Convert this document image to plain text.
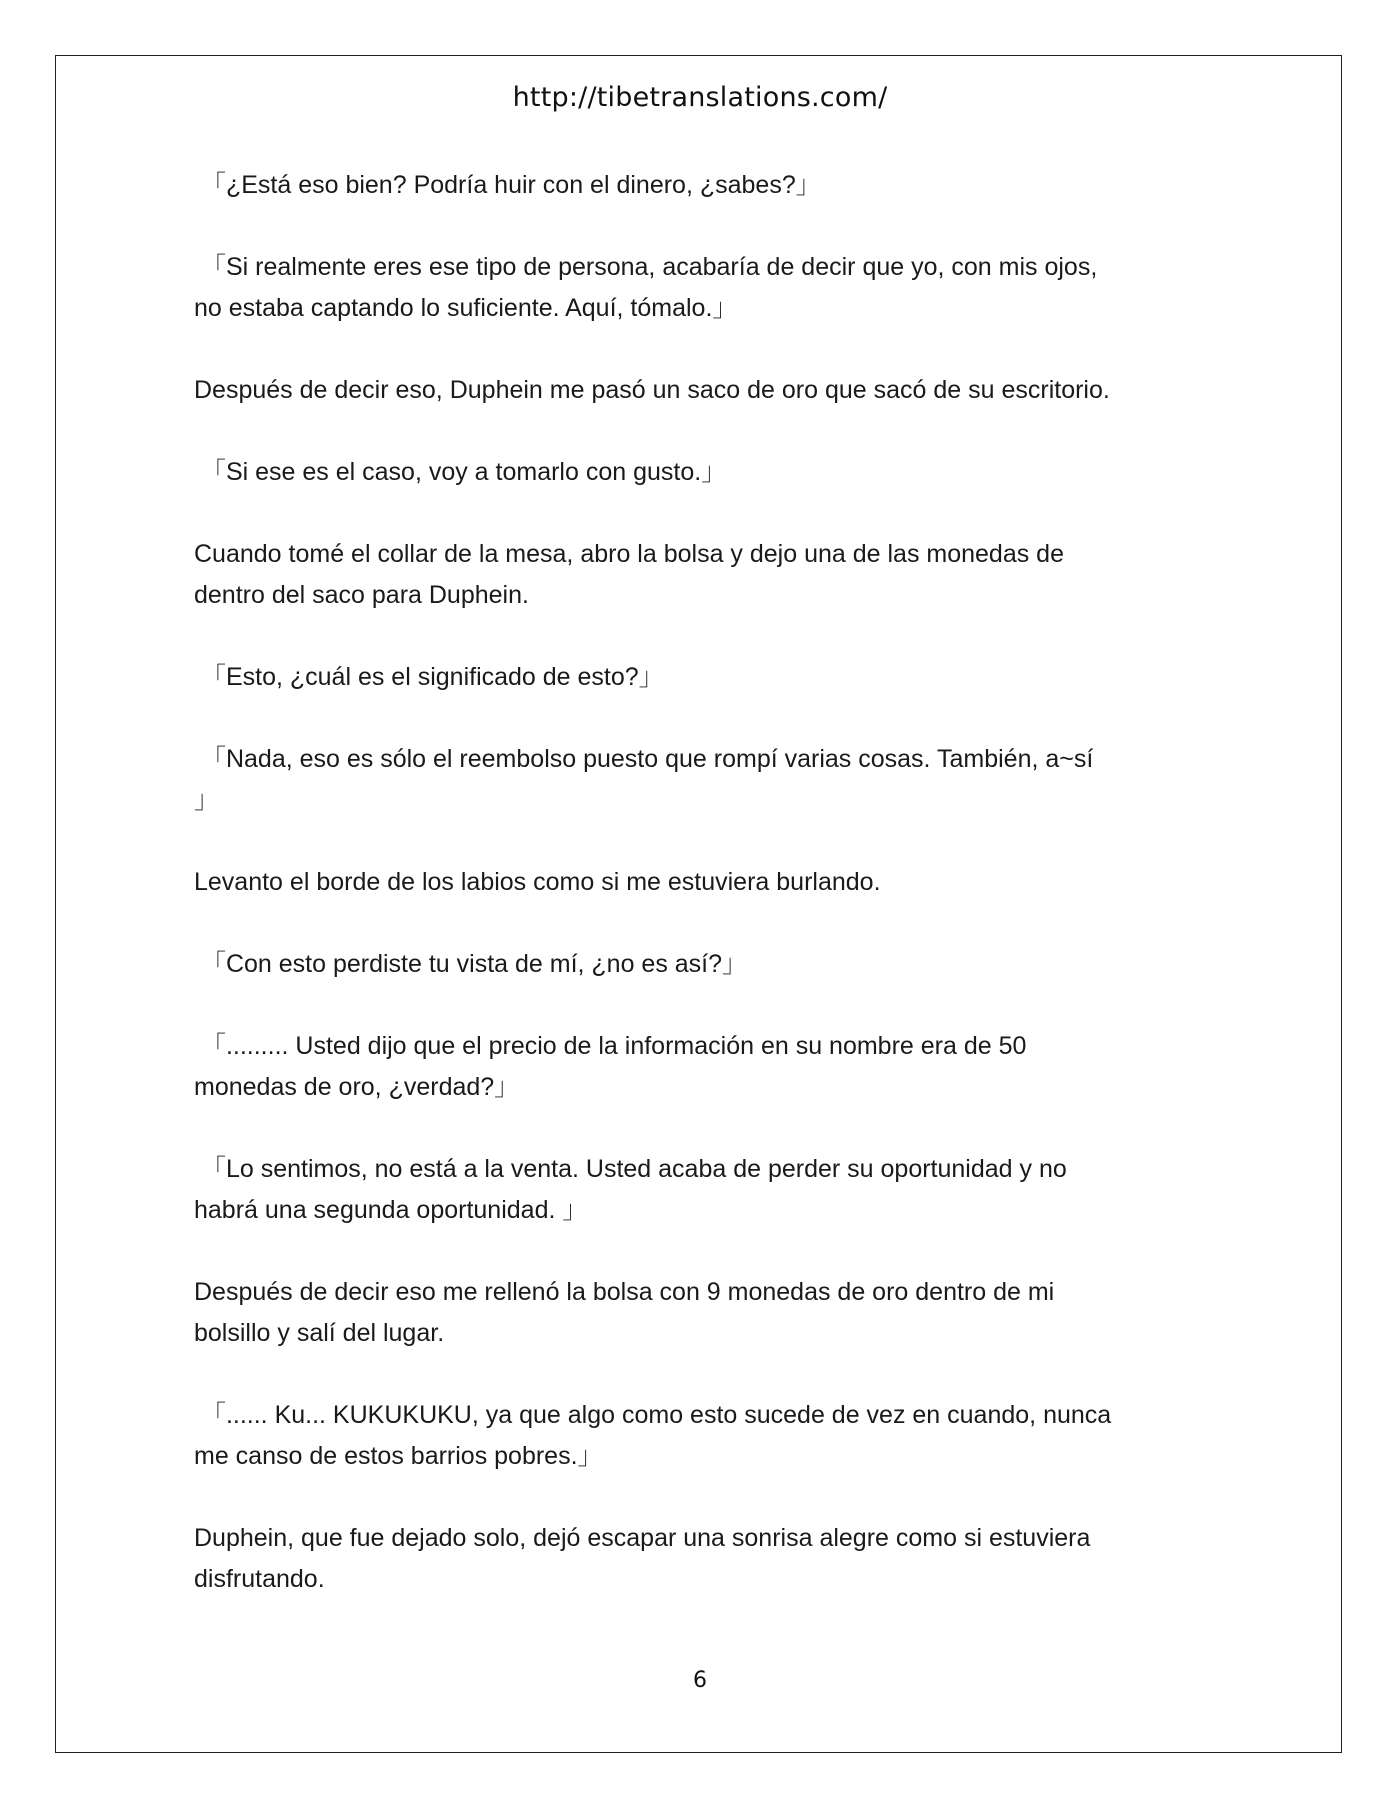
http://tibetranslations.com/

「¿Está eso bien? Podría huir con el dinero, ¿sabes?」

「Si realmente eres ese tipo de persona, acabaría de decir que yo, con mis ojos,
no estaba captando lo suficiente. Aquí, tómalo.」

Después de decir eso, Duphein me pasó un saco de oro que sacó de su escritorio.

「Si ese es el caso, voy a tomarlo con gusto.」

Cuando tomé el collar de la mesa, abro la bolsa y dejo una de las monedas de
dentro del saco para Duphein.

「Esto, ¿cuál es el significado de esto?」

「Nada, eso es sólo el reembolso puesto que rompí varias cosas. También, a~sí
」

Levanto el borde de los labios como si me estuviera burlando.

「Con esto perdiste tu vista de mí, ¿no es así?」

「......... Usted dijo que el precio de la información en su nombre era de 50
monedas de oro, ¿verdad?」

「Lo sentimos, no está a la venta. Usted acaba de perder su oportunidad y no
habrá una segunda oportunidad. 」

Después de decir eso me rellenó la bolsa con 9 monedas de oro dentro de mi
bolsillo y salí del lugar.

「...... Ku... KUKUKUKU, ya que algo como esto sucede de vez en cuando, nunca
me canso de estos barrios pobres.」

Duphein, que fue dejado solo, dejó escapar una sonrisa alegre como si estuviera
disfrutando.

6
